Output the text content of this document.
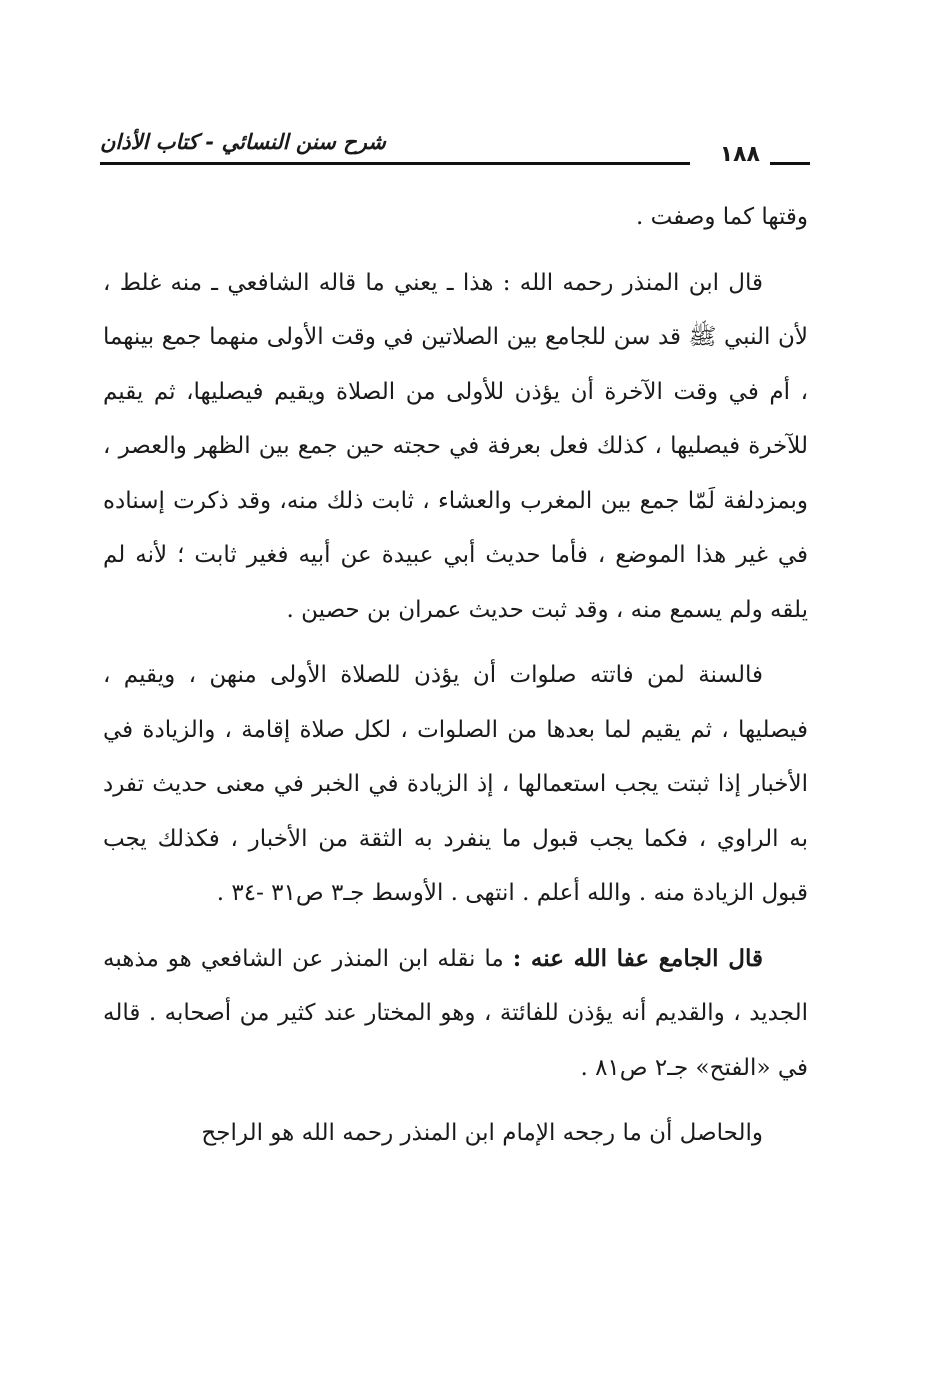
شرح سنن النسائي - كتاب الأذان	١٨٨

وقتها كما وصفت .

قال ابن المنذر رحمه الله : هذا ـ يعني ما قاله الشافعي ـ منه غلط ، لأن النبي ﷺ قد سن للجامع بين الصلاتين في وقت الأولى منهما جمع بينهما ، أم في وقت الآخرة أن يؤذن للأولى من الصلاة ويقيم فيصليها، ثم يقيم للآخرة فيصليها ، كذلك فعل بعرفة في حجته حين جمع بين الظهر والعصر ، وبمزدلفة لَمّا جمع بين المغرب والعشاء ، ثابت ذلك منه، وقد ذكرت إسناده في غير هذا الموضع ، فأما حديث أبي عبيدة عن أبيه فغير ثابت ؛ لأنه لم يلقه ولم يسمع منه ، وقد ثبت حديث عمران بن حصين .

فالسنة لمن فاتته صلوات أن يؤذن للصلاة الأولى منهن ، ويقيم ، فيصليها ، ثم يقيم لما بعدها من الصلوات ، لكل صلاة إقامة ، والزيادة في الأخبار إذا ثبتت يجب استعمالها ، إذ الزيادة في الخبر في معنى حديث تفرد به الراوي ، فكما يجب قبول ما ينفرد به الثقة من الأخبار ، فكذلك يجب قبول الزيادة منه . والله أعلم . انتهى . الأوسط جـ٣ ص٣١ -٣٤ .

قال الجامع عفا الله عنه : ما نقله ابن المنذر عن الشافعي هو مذهبه الجديد ، والقديم أنه يؤذن للفائتة ، وهو المختار عند كثير من أصحابه . قاله في «الفتح» جـ٢ ص٨١ .

والحاصل أن ما رجحه الإمام ابن المنذر رحمه الله هو الراجح
